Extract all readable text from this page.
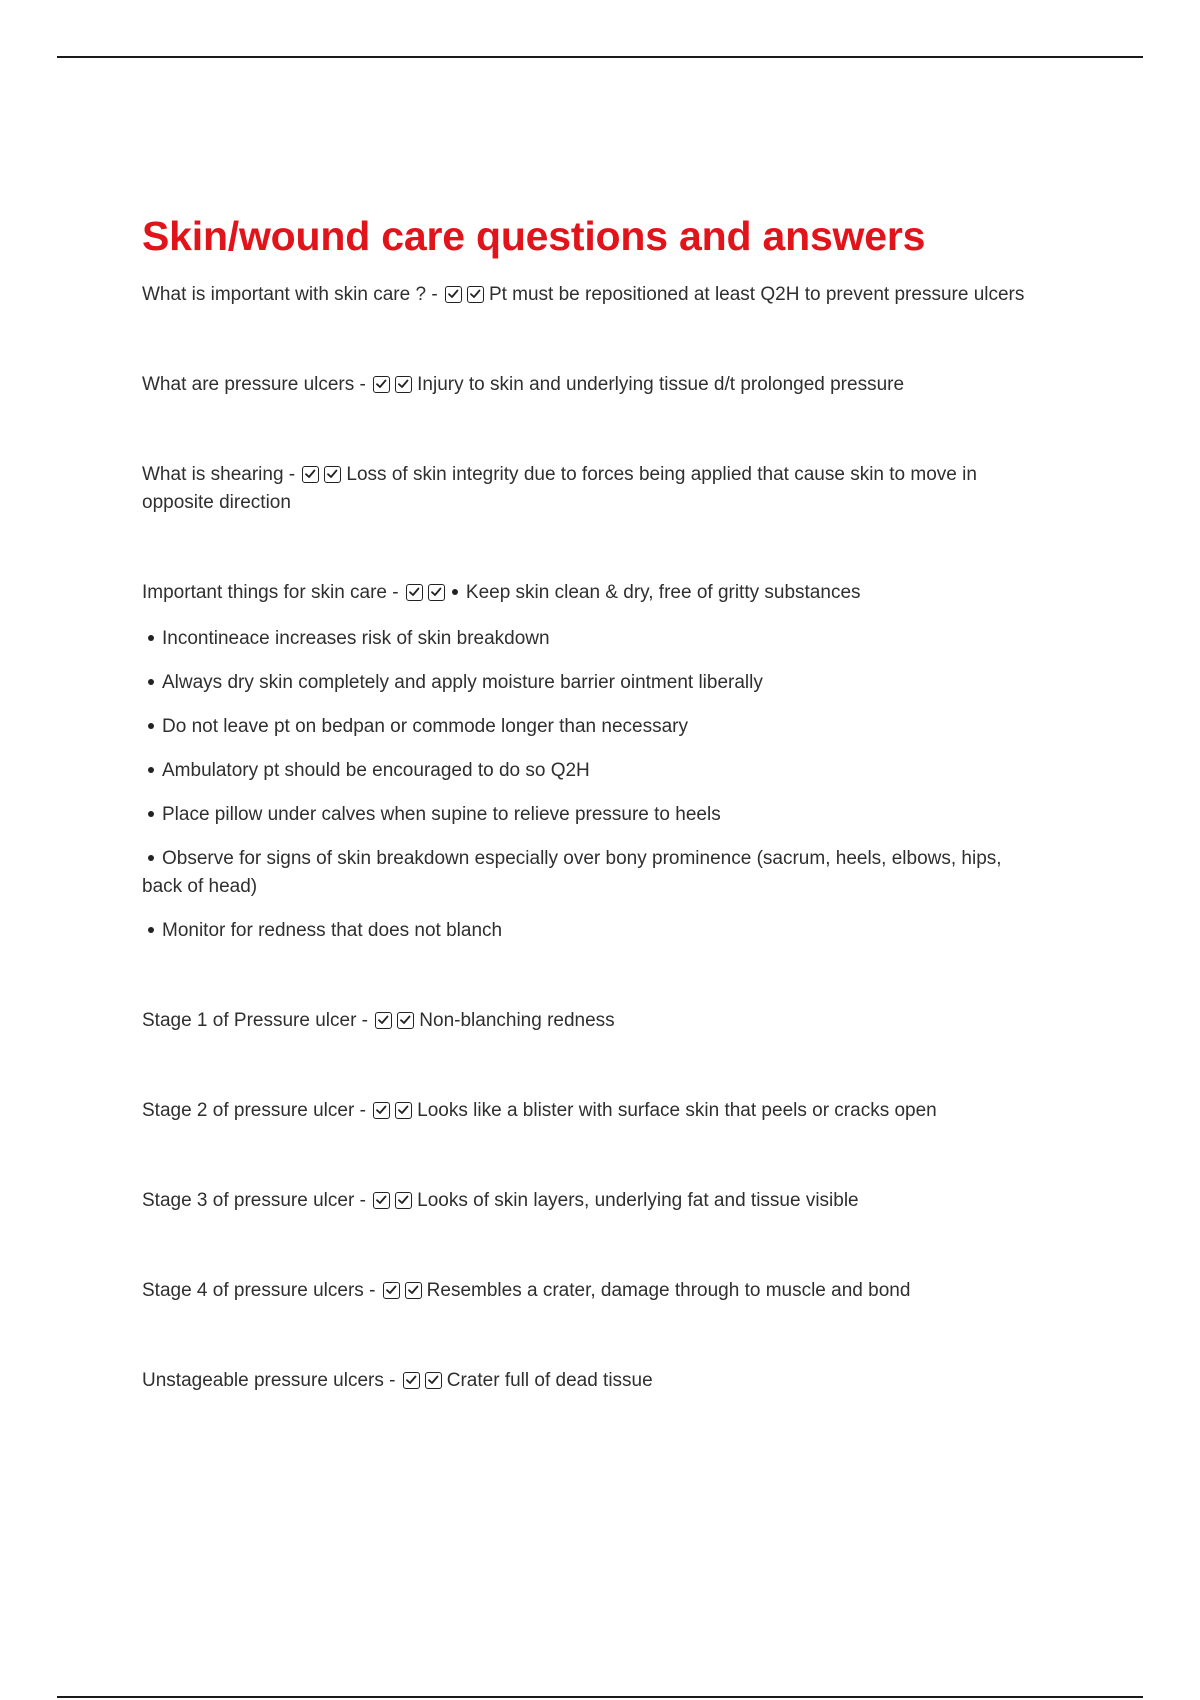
Skin/wound care questions and answers

What is important with skin care ? -	Pt must be repositioned at least Q2H to prevent pressure ulcers

What are pressure ulcers -	Injury to skin and underlying tissue d/t prolonged pressure

What is shearing -	Loss of skin integrity due to forces being applied that cause skin to move in opposite direction

Important things for skin care -	Keep skin clean & dry, free of gritty substances

Incontineace increases risk of skin breakdown

Always dry skin completely and apply moisture barrier ointment liberally

Do not leave pt on bedpan or commode longer than necessary

Ambulatory pt should be encouraged to do so Q2H

Place pillow under calves when supine to relieve pressure to heels

Observe for signs of skin breakdown especially over bony prominence (sacrum, heels, elbows, hips, back of head)

Monitor for redness that does not blanch

Stage 1 of Pressure ulcer -	Non-blanching redness

Stage 2 of pressure ulcer -	Looks like a blister with surface skin that peels or cracks open

Stage 3 of pressure ulcer -	Looks of skin layers, underlying fat and tissue visible

Stage 4 of pressure ulcers -	Resembles a crater, damage through to muscle and bond

Unstageable pressure ulcers -	Crater full of dead tissue
